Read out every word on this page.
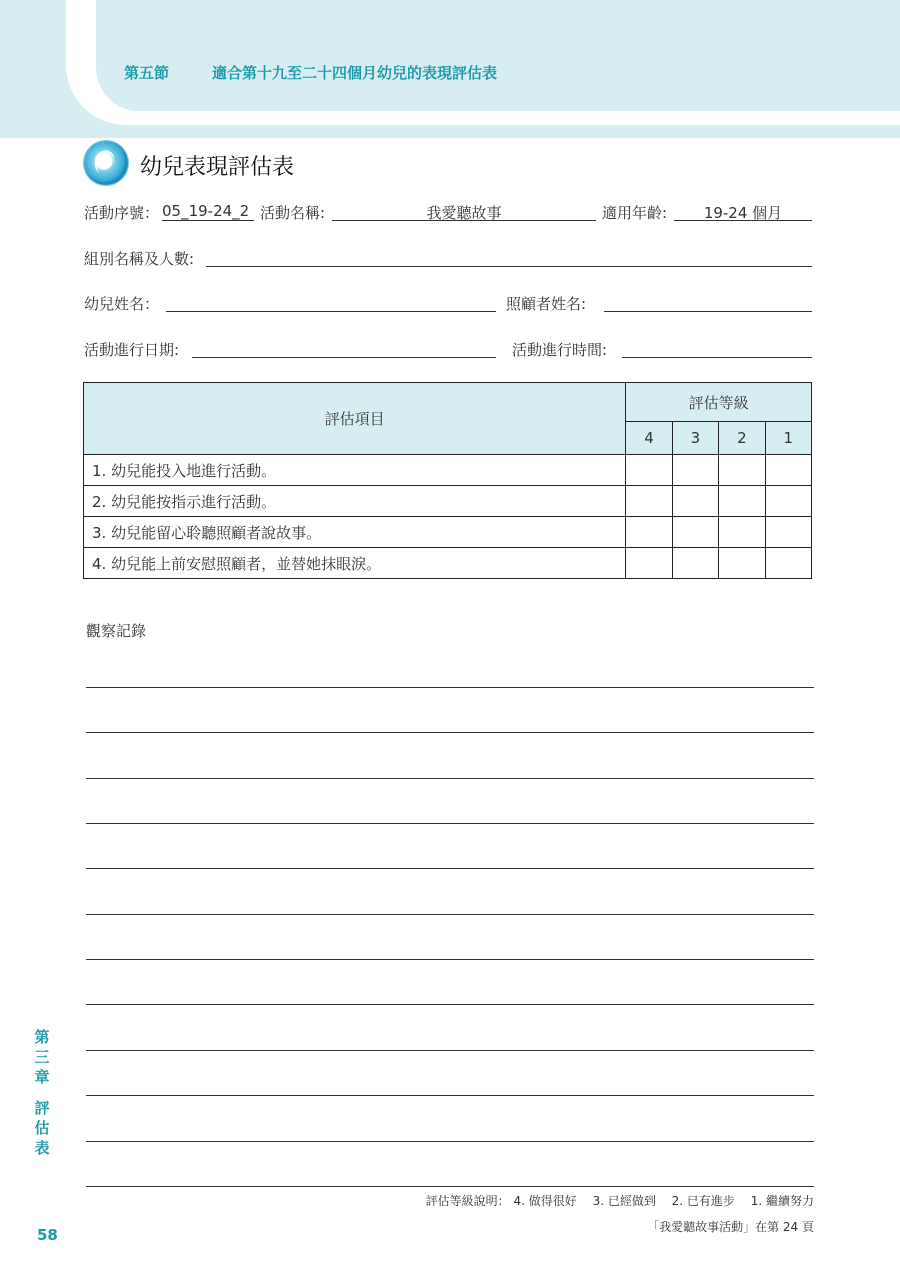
第五節	適合第十九至二十四個月幼兒的表現評估表
幼兒表現評估表
活動序號： 05_19-24_2 活動名稱:	我愛聽故事	適用年齡:	19-24 個月
組別名稱及人數:
幼兒姓名：	照顧者姓名:
活動進行日期:	活動進行時間:
評估項目	評估等級			
	4	3	2	1
1. 幼兒能投入地進行活動。				
2. 幼兒能按指示進行活動。				
3. 幼兒能留心聆聽照顧者說故事。				
4. 幼兒能上前安慰照顧者，並替她抹眼淚。				
觀察記錄
第三章
評估表
58
評估等級說明： 4. 做得很好　 3. 已經做到　 2. 已有進步　 1. 繼續努力
「我愛聽故事活動」在第 24 頁
